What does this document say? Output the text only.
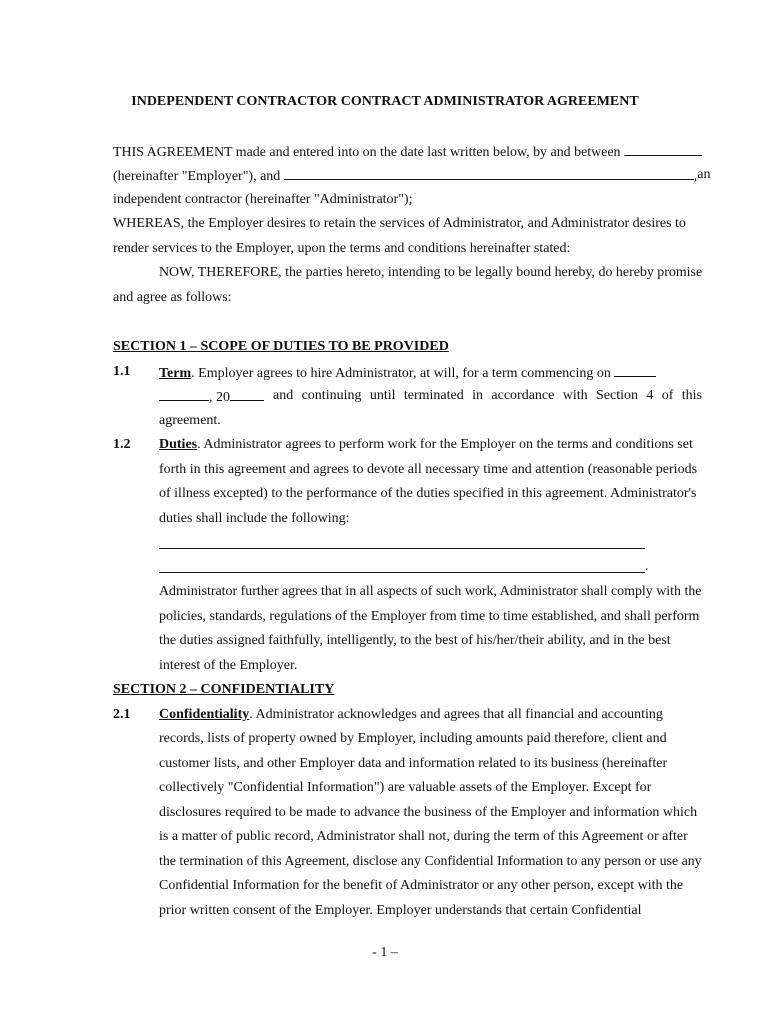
INDEPENDENT CONTRACTOR CONTRACT ADMINISTRATOR AGREEMENT
THIS AGREEMENT made and entered into on the date last written below, by and between
(hereinafter "Employer"), and	, an
independent contractor (hereinafter "Administrator");
WHEREAS, the Employer desires to retain the services of Administrator, and Administrator desires to
render services to the Employer, upon the terms and conditions hereinafter stated:
NOW, THEREFORE, the parties hereto, intending to be legally bound hereby, do hereby promise
and agree as follows:
SECTION 1 – SCOPE OF DUTIES TO BE PROVIDED
1.1	Term. Employer agrees to hire Administrator, at will, for a term commencing on
, 20	and continuing until terminated in accordance with Section 4 of this
agreement.
1.2	Duties. Administrator agrees to perform work for the Employer on the terms and conditions set
forth in this agreement and agrees to devote all necessary time and attention (reasonable periods
of illness excepted) to the performance of the duties specified in this agreement. Administrator's
duties shall include the following:
.
Administrator further agrees that in all aspects of such work, Administrator shall comply with the
policies, standards, regulations of the Employer from time to time established, and shall perform
the duties assigned faithfully, intelligently, to the best of his/her/their ability, and in the best
interest of the Employer.
SECTION 2 – CONFIDENTIALITY
2.1	Confidentiality. Administrator acknowledges and agrees that all financial and accounting
records, lists of property owned by Employer, including amounts paid therefore, client and
customer lists, and other Employer data and information related to its business (hereinafter
collectively "Confidential Information") are valuable assets of the Employer. Except for
disclosures required to be made to advance the business of the Employer and information which
is a matter of public record, Administrator shall not, during the term of this Agreement or after
the termination of this Agreement, disclose any Confidential Information to any person or use any
Confidential Information for the benefit of Administrator or any other person, except with the
prior written consent of the Employer. Employer understands that certain Confidential
- 1 –
